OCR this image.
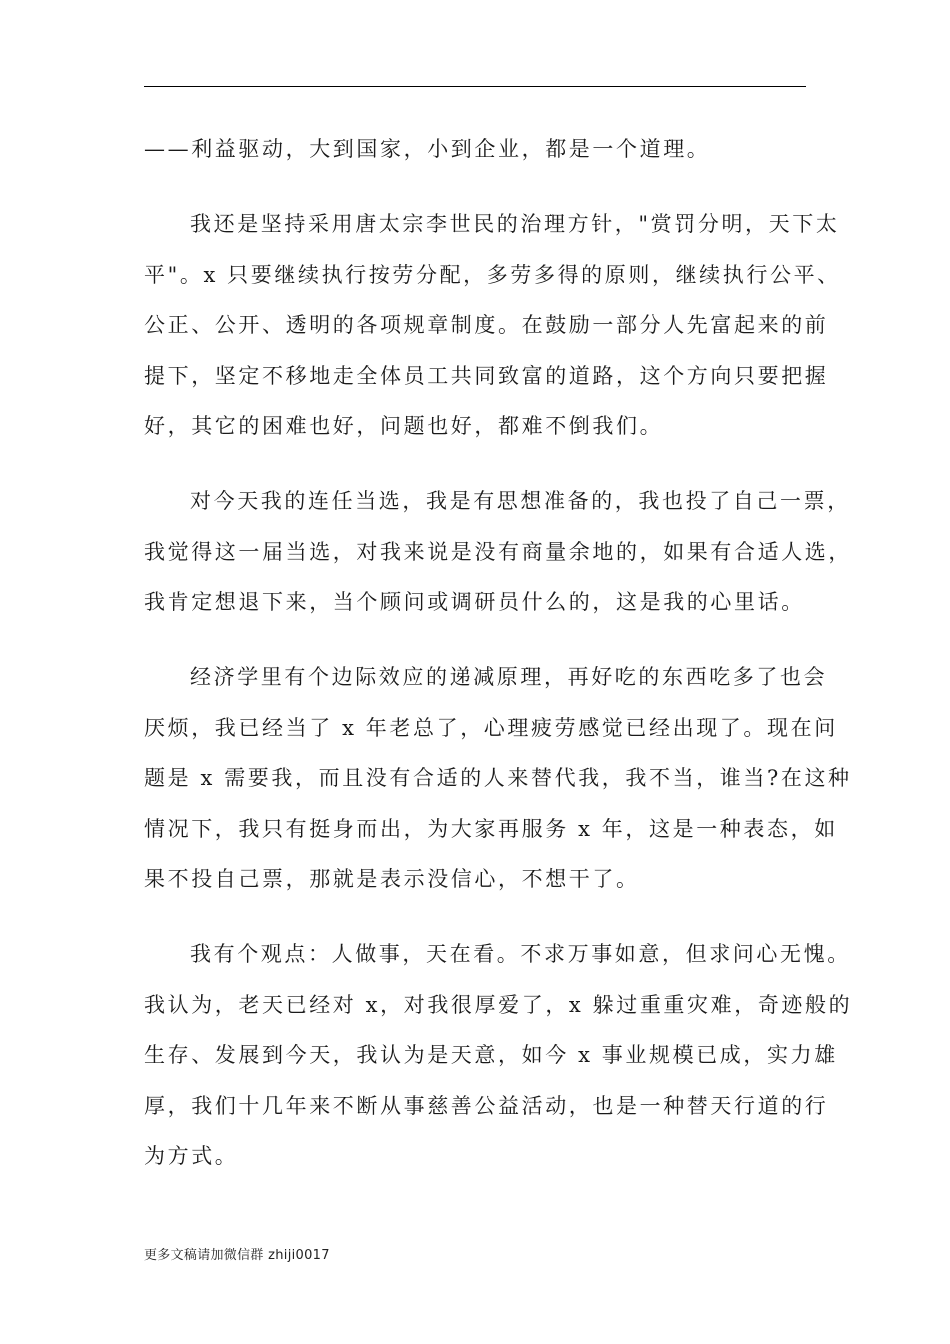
——利益驱动，大到国家，小到企业，都是一个道理。

我还是坚持采用唐太宗李世民的治理方针，"赏罚分明，天下太
平"。x 只要继续执行按劳分配，多劳多得的原则，继续执行公平、
公正、公开、透明的各项规章制度。在鼓励一部分人先富起来的前
提下，坚定不移地走全体员工共同致富的道路，这个方向只要把握
好，其它的困难也好，问题也好，都难不倒我们。

对今天我的连任当选，我是有思想准备的，我也投了自己一票，
我觉得这一届当选，对我来说是没有商量余地的，如果有合适人选，
我肯定想退下来，当个顾问或调研员什么的，这是我的心里话。

经济学里有个边际效应的递减原理，再好吃的东西吃多了也会
厌烦，我已经当了 x 年老总了，心理疲劳感觉已经出现了。现在问
题是 x 需要我，而且没有合适的人来替代我，我不当，谁当?在这种
情况下，我只有挺身而出，为大家再服务 x 年，这是一种表态，如
果不投自己票，那就是表示没信心，不想干了。

我有个观点：人做事，天在看。不求万事如意，但求问心无愧。
我认为，老天已经对 x，对我很厚爱了，x 躲过重重灾难，奇迹般的
生存、发展到今天，我认为是天意，如今 x 事业规模已成，实力雄
厚，我们十几年来不断从事慈善公益活动，也是一种替天行道的行
为方式。

更多文稿请加微信群 zhiji0017
